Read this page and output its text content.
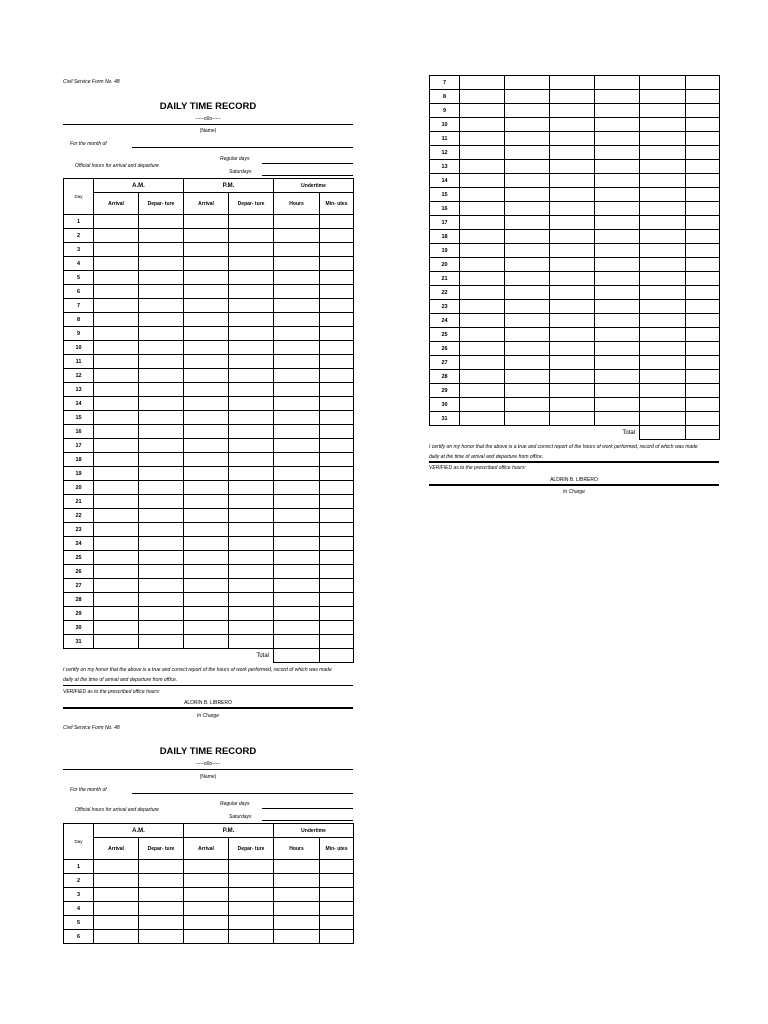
Civil Service Form No. 48
DAILY TIME RECORD
-----o0o-----
(Name)
For the month of
Regular days
Official hours for arrival and departure
Saturdays
Day	A.M.		P.M.		Undertime	
	Arrival	Depar- ture	Arrival	Depar- ture	Hours	Min- utes
1						
2						
3						
4						
5						
6						
7						
8						
9						
10						
11						
12						
13						
14						
15						
16						
17						
18						
19						
20						
21						
22						
23						
24						
25						
26						
27						
28						
29						
30						
31						
Total						
I certify on my honor that the above is a true and correct report of the hours of work performed, record of which was made
daily at the time of arrival and departure from office.
VERIFIED as to the prescribed office hours:
ALDRIN B. LIBRERO
In Charge
Civil Service Form No. 48
DAILY TIME RECORD
-----o0o-----
(Name)
For the month of
Regular days
Official hours for arrival and departure
Saturdays
Day	A.M.		P.M.		Undertime	
	Arrival	Depar- ture	Arrival	Depar- ture	Hours	Min- utes
1						
2						
3						
4						
5						
6						
7						
8						
9						
10						
11						
12						
13						
14						
15						
16						
17						
18						
19						
20						
21						
22						
23						
24						
25						
26						
27						
28						
29						
30						
31						
Total						
I certify on my honor that the above is a true and correct report of the hours of work performed, record of which was made
daily at the time of arrival and departure from office.
VERIFIED as to the prescribed office hours:
ALDRIN B. LIBRERO
In Charge
